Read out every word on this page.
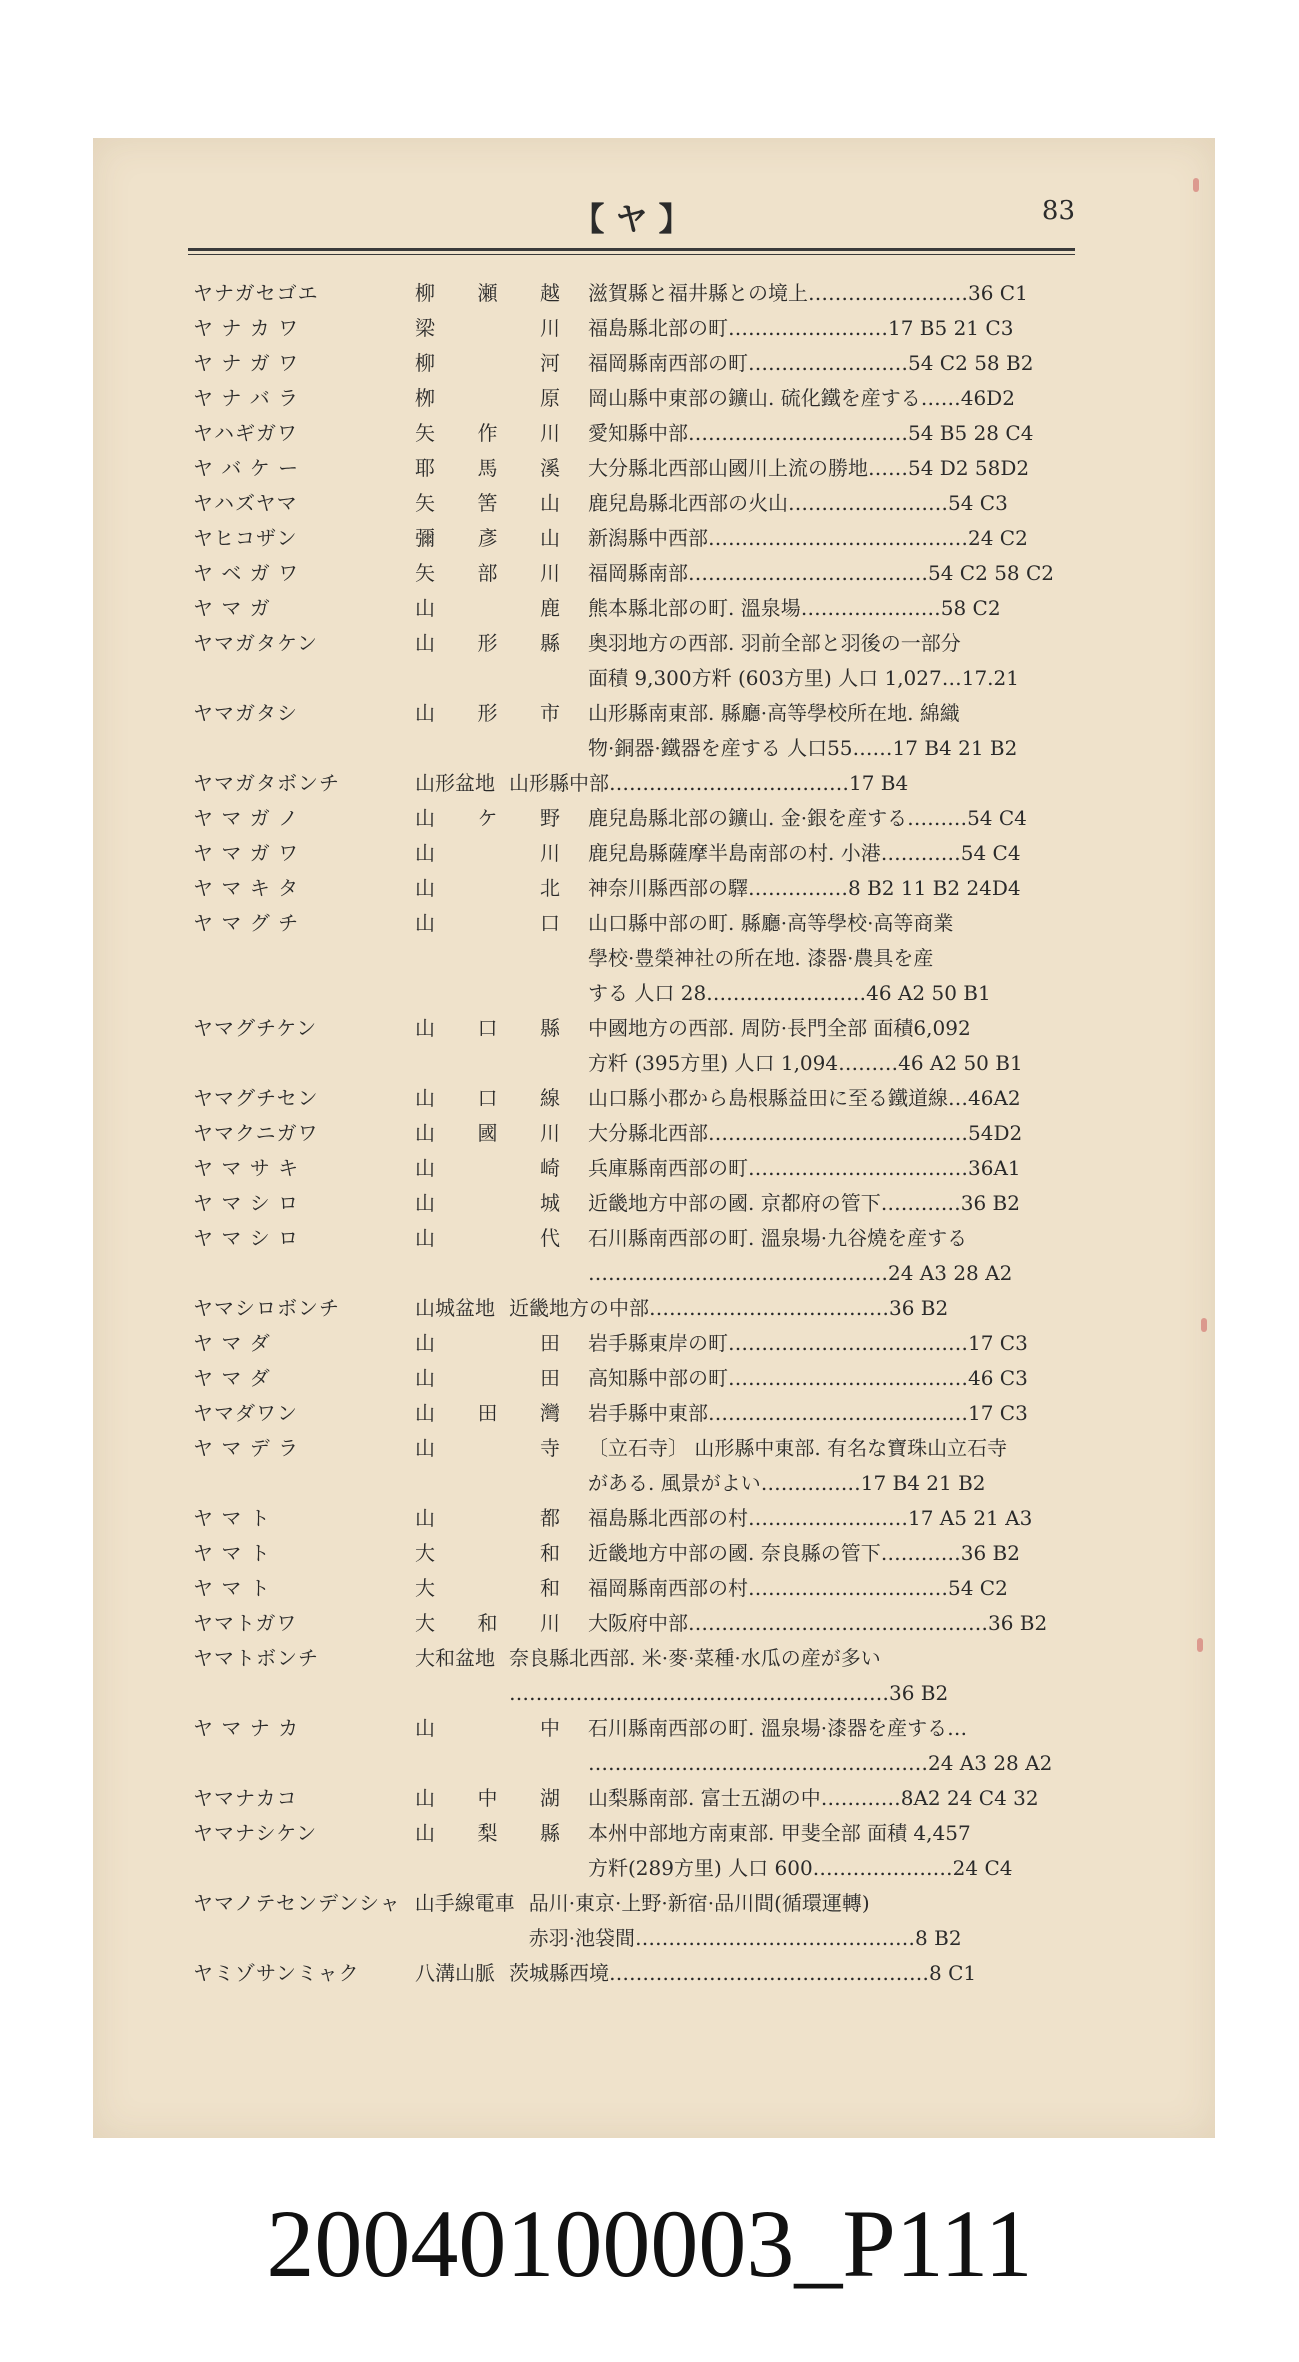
【 ヤ 】	83
ヤナガセゴエ	柳瀬越	滋賀縣と福井縣との境上……………………36 C1
ヤ ナ カ ワ	梁 川	福島縣北部の町……………………17 B5 21 C3
ヤ ナ ガ ワ	柳 河	福岡縣南西部の町……………………54 C2 58 B2
ヤ ナ バ ラ	栁 原	岡山縣中東部の鑛山. 硫化鐵を産する……46D2
ヤハギガワ	矢作川	愛知縣中部……………………………54 B5 28 C4
ヤ バ ケ ー	耶馬溪	大分縣北西部山國川上流の勝地……54 D2 58D2
ヤハズヤマ	矢筈山	鹿兒島縣北西部の火山……………………54 C3
ヤヒコザン	彌彥山	新潟縣中西部…………………………………24 C2
ヤ ベ ガ ワ	矢部川	福岡縣南部………………………………54 C2 58 C2
ヤ マ ガ	山 鹿	熊本縣北部の町. 溫泉場…………………58 C2
ヤマガタケン	山形縣	奥羽地方の西部. 羽前全部と羽後の一部分
面積 9,300方粁 (603方里) 人口 1,027…17.21
ヤマガタシ	山形市	山形縣南東部. 縣廳·高等學校所在地. 綿織
物·銅器·鐵器を産する 人口55……17 B4 21 B2
ヤマガタボンチ	山形盆地 山形縣中部………………………………17 B4
ヤ マ ガ ノ	山ケ野	鹿兒島縣北部の鑛山. 金·銀を産する………54 C4
ヤ マ ガ ワ	山 川	鹿兒島縣薩摩半島南部の村. 小港…………54 C4
ヤ マ キ タ	山 北	神奈川縣西部の驛……………8 B2 11 B2 24D4
ヤ マ グ チ	山 口	山口縣中部の町. 縣廳·高等學校·高等商業
學校·豊榮神社の所在地. 漆器·農具を産
する 人口 28……………………46 A2 50 B1
ヤマグチケン	山口縣	中國地方の西部. 周防·長門全部 面積6,092
方粁 (395方里) 人口 1,094………46 A2 50 B1
ヤマグチセン	山口線	山口縣小郡から島根縣益田に至る鐵道線…46A2
ヤマクニガワ	山國川	大分縣北西部…………………………………54D2
ヤ マ サ キ	山 崎	兵庫縣南西部の町……………………………36A1
ヤ マ シ ロ	山 城	近畿地方中部の國. 京都府の管下…………36 B2
ヤ マ シ ロ	山 代	石川縣南西部の町. 溫泉場·九谷燒を産する
………………………………………24 A3 28 A2
ヤマシロボンチ	山城盆地 近畿地方の中部………………………………36 B2
ヤ マ ダ	山 田	岩手縣東岸の町………………………………17 C3
ヤ マ ダ	山 田	高知縣中部の町………………………………46 C3
ヤマダワン	山田灣	岩手縣中東部…………………………………17 C3
ヤ マ デ ラ	山 寺	〔立石寺〕 山形縣中東部. 有名な寶珠山立石寺
がある. 風景がよい……………17 B4 21 B2
ヤ マ ト	山 都	福島縣北西部の村……………………17 A5 21 A3
ヤ マ ト	大 和	近畿地方中部の國. 奈良縣の管下…………36 B2
ヤ マ ト	大 和	福岡縣南西部の村…………………………54 C2
ヤマトガワ	大和川	大阪府中部………………………………………36 B2
ヤマトボンチ	大和盆地 奈良縣北西部. 米·麥·菜種·水瓜の産が多い
…………………………………………………36 B2
ヤ マ ナ カ	山 中	石川縣南西部の町. 溫泉場·漆器を産する…
……………………………………………24 A3 28 A2
ヤマナカコ	山中湖	山梨縣南部. 富士五湖の中…………8A2 24 C4 32
ヤマナシケン	山梨縣	本州中部地方南東部. 甲斐全部 面積 4,457
方粁(289方里) 人口 600…………………24 C4
ヤマノテセンデンシャ 山手線電車 品川·東京·上野·新宿·品川間(循環運轉)
赤羽·池袋間……………………………………8 B2
ヤミゾサンミャク	八溝山脈 茨城縣西境…………………………………………8 C1
20040100003_P111
